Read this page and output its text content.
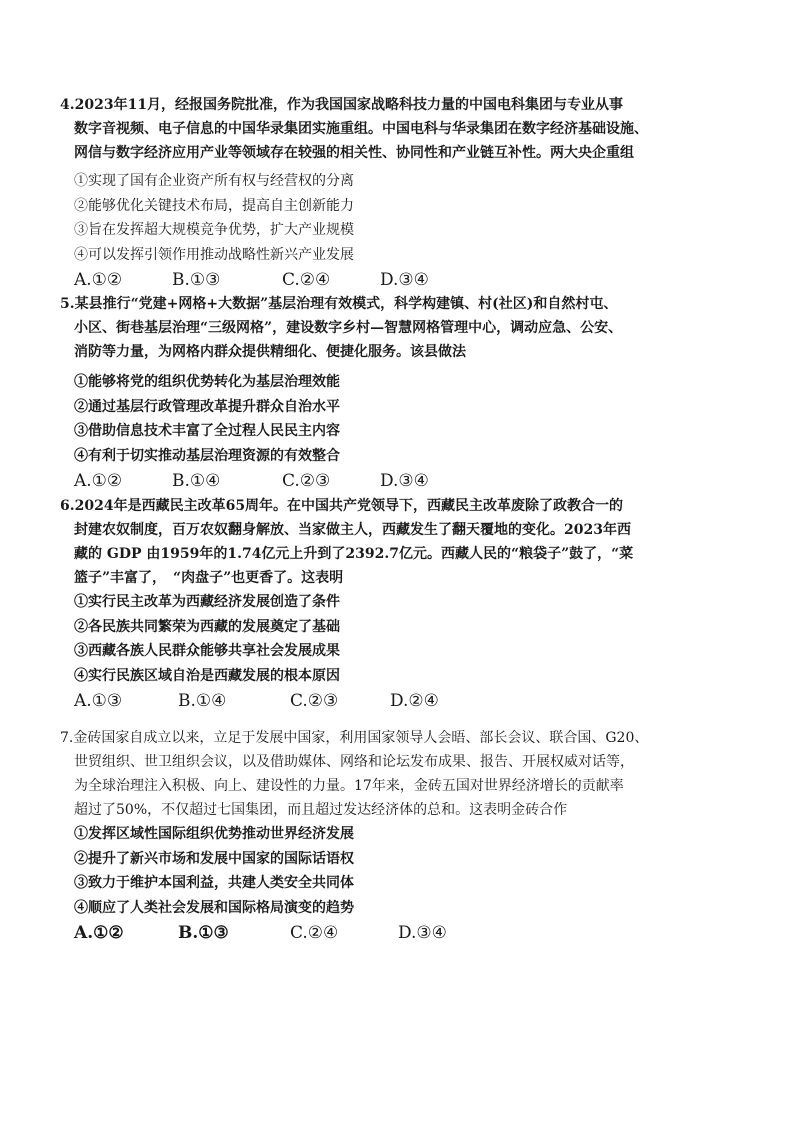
4.2023年11月，经报国务院批准，作为我国国家战略科技力量的中国电科集团与专业从事
数字音视频、电子信息的中国华录集团实施重组。中国电科与华录集团在数字经济基础设施、
网信与数字经济应用产业等领域存在较强的相关性、协同性和产业链互补性。两大央企重组

①实现了国有企业资产所有权与经营权的分离
②能够优化关键技术布局，提高自主创新能力
③旨在发挥超大规模竞争优势，扩大产业规模
④可以发挥引领作用推动战略性新兴产业发展
A.①②	B.①③	C.②④	D.③④

5.某县推行“党建+网格+大数据”基层治理有效模式，科学构建镇、村(社区)和自然村屯、
小区、街巷基层治理“三级网格”，建设数字乡村—智慧网格管理中心，调动应急、公安、
消防等力量，为网格内群众提供精细化、便捷化服务。该县做法

①能够将党的组织优势转化为基层治理效能
②通过基层行政管理改革提升群众自治水平
③借助信息技术丰富了全过程人民民主内容
④有利于切实推动基层治理资源的有效整合
A.①②	B.①④	C.②③	D.③④

6.2024年是西藏民主改革65周年。在中国共产党领导下，西藏民主改革废除了政教合一的
封建农奴制度，百万农奴翻身解放、当家做主人，西藏发生了翻天覆地的变化。2023年西
藏的 GDP 由1959年的1.74亿元上升到了2392.7亿元。西藏人民的“粮袋子”鼓了，“菜
篮子”丰富了，　“肉盘子”也更香了。这表明

①实行民主改革为西藏经济发展创造了条件
②各民族共同繁荣为西藏的发展奠定了基础
③西藏各族人民群众能够共享社会发展成果
④实行民族区域自治是西藏发展的根本原因
A.①③	B.①④	C.②③	D.②④

7.金砖国家自成立以来，立足于发展中国家，利用国家领导人会晤、部长会议、联合国、G20、
世贸组织、世卫组织会议，以及借助媒体、网络和论坛发布成果、报告、开展权威对话等，
为全球治理注入积极、向上、建设性的力量。17年来，金砖五国对世界经济增长的贡献率
超过了50%，不仅超过七国集团，而且超过发达经济体的总和。这表明金砖合作

①发挥区域性国际组织优势推动世界经济发展
②提升了新兴市场和发展中国家的国际话语权
③致力于维护本国利益，共建人类安全共同体
④顺应了人类社会发展和国际格局演变的趋势
A.①②	B.①③	C.②④	D.③④
